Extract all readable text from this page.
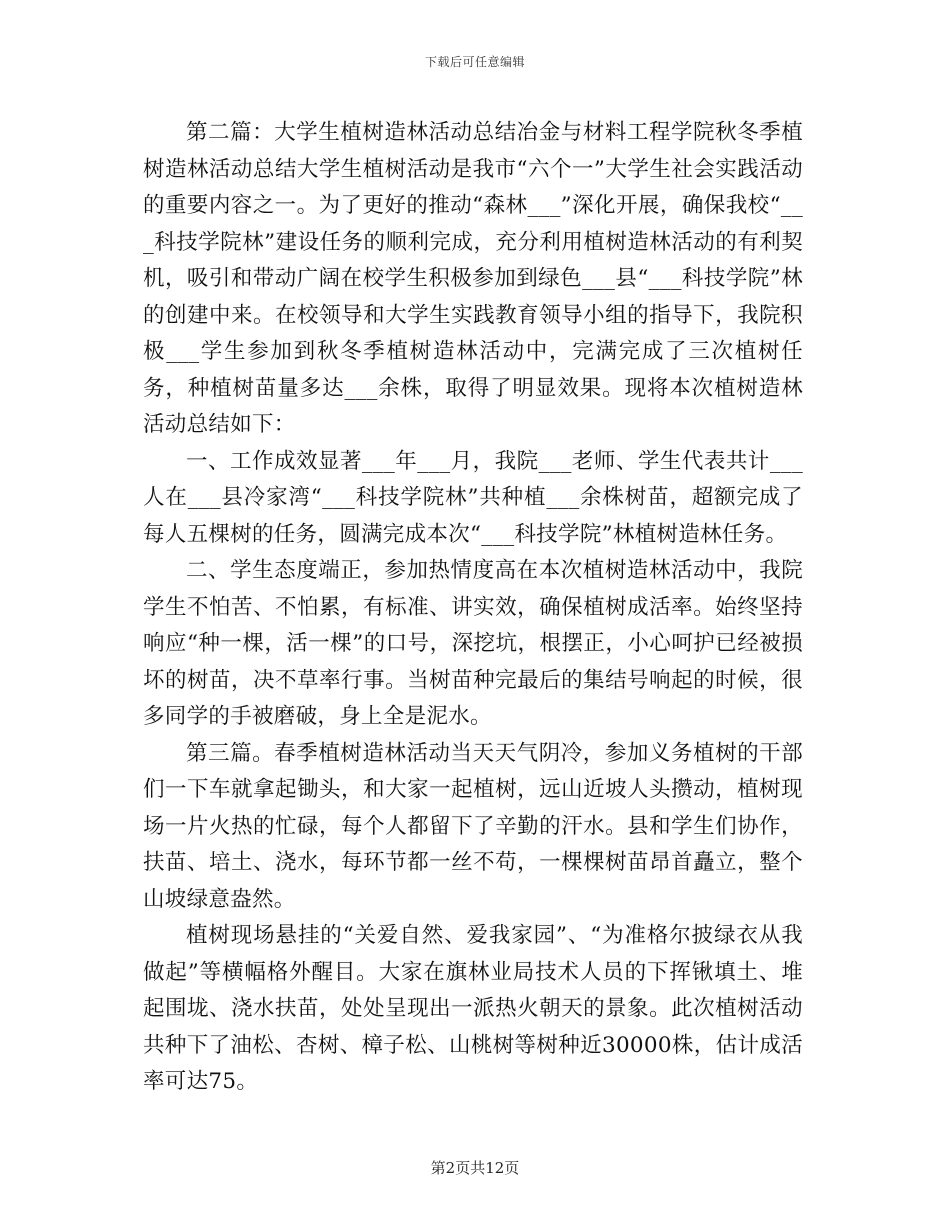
下载后可任意编辑

第二篇：大学生植树造林活动总结冶金与材料工程学院秋冬季植树造林活动总结大学生植树活动是我市“六个一”大学生社会实践活动的重要内容之一。为了更好的推动“森林___”深化开展，确保我校“___科技学院林”建设任务的顺利完成，充分利用植树造林活动的有利契机，吸引和带动广阔在校学生积极参加到绿色___县“___科技学院”林的创建中来。在校领导和大学生实践教育领导小组的指导下，我院积极___学生参加到秋冬季植树造林活动中，完满完成了三次植树任务，种植树苗量多达___余株，取得了明显效果。现将本次植树造林活动总结如下：

一、工作成效显著___年___月，我院___老师、学生代表共计___人在___县冷家湾“___科技学院林”共种植___余株树苗，超额完成了每人五棵树的任务，圆满完成本次“___科技学院”林植树造林任务。

二、学生态度端正，参加热情度高在本次植树造林活动中，我院学生不怕苦、不怕累，有标准、讲实效，确保植树成活率。始终坚持响应“种一棵，活一棵”的口号，深挖坑，根摆正，小心呵护已经被损坏的树苗，决不草率行事。当树苗种完最后的集结号响起的时候，很多同学的手被磨破，身上全是泥水。

第三篇。春季植树造林活动当天天气阴冷，参加义务植树的干部们一下车就拿起锄头，和大家一起植树，远山近坡人头攒动，植树现场一片火热的忙碌，每个人都留下了辛勤的汗水。县和学生们协作，扶苗、培土、浇水，每环节都一丝不苟，一棵棵树苗昂首矗立，整个山坡绿意盎然。

植树现场悬挂的“关爱自然、爱我家园”、“为准格尔披绿衣从我做起”等横幅格外醒目。大家在旗林业局技术人员的下挥锹填土、堆起围垅、浇水扶苗，处处呈现出一派热火朝天的景象。此次植树活动共种下了油松、杏树、樟子松、山桃树等树种近30000株，估计成活率可达75。

第2页共12页
